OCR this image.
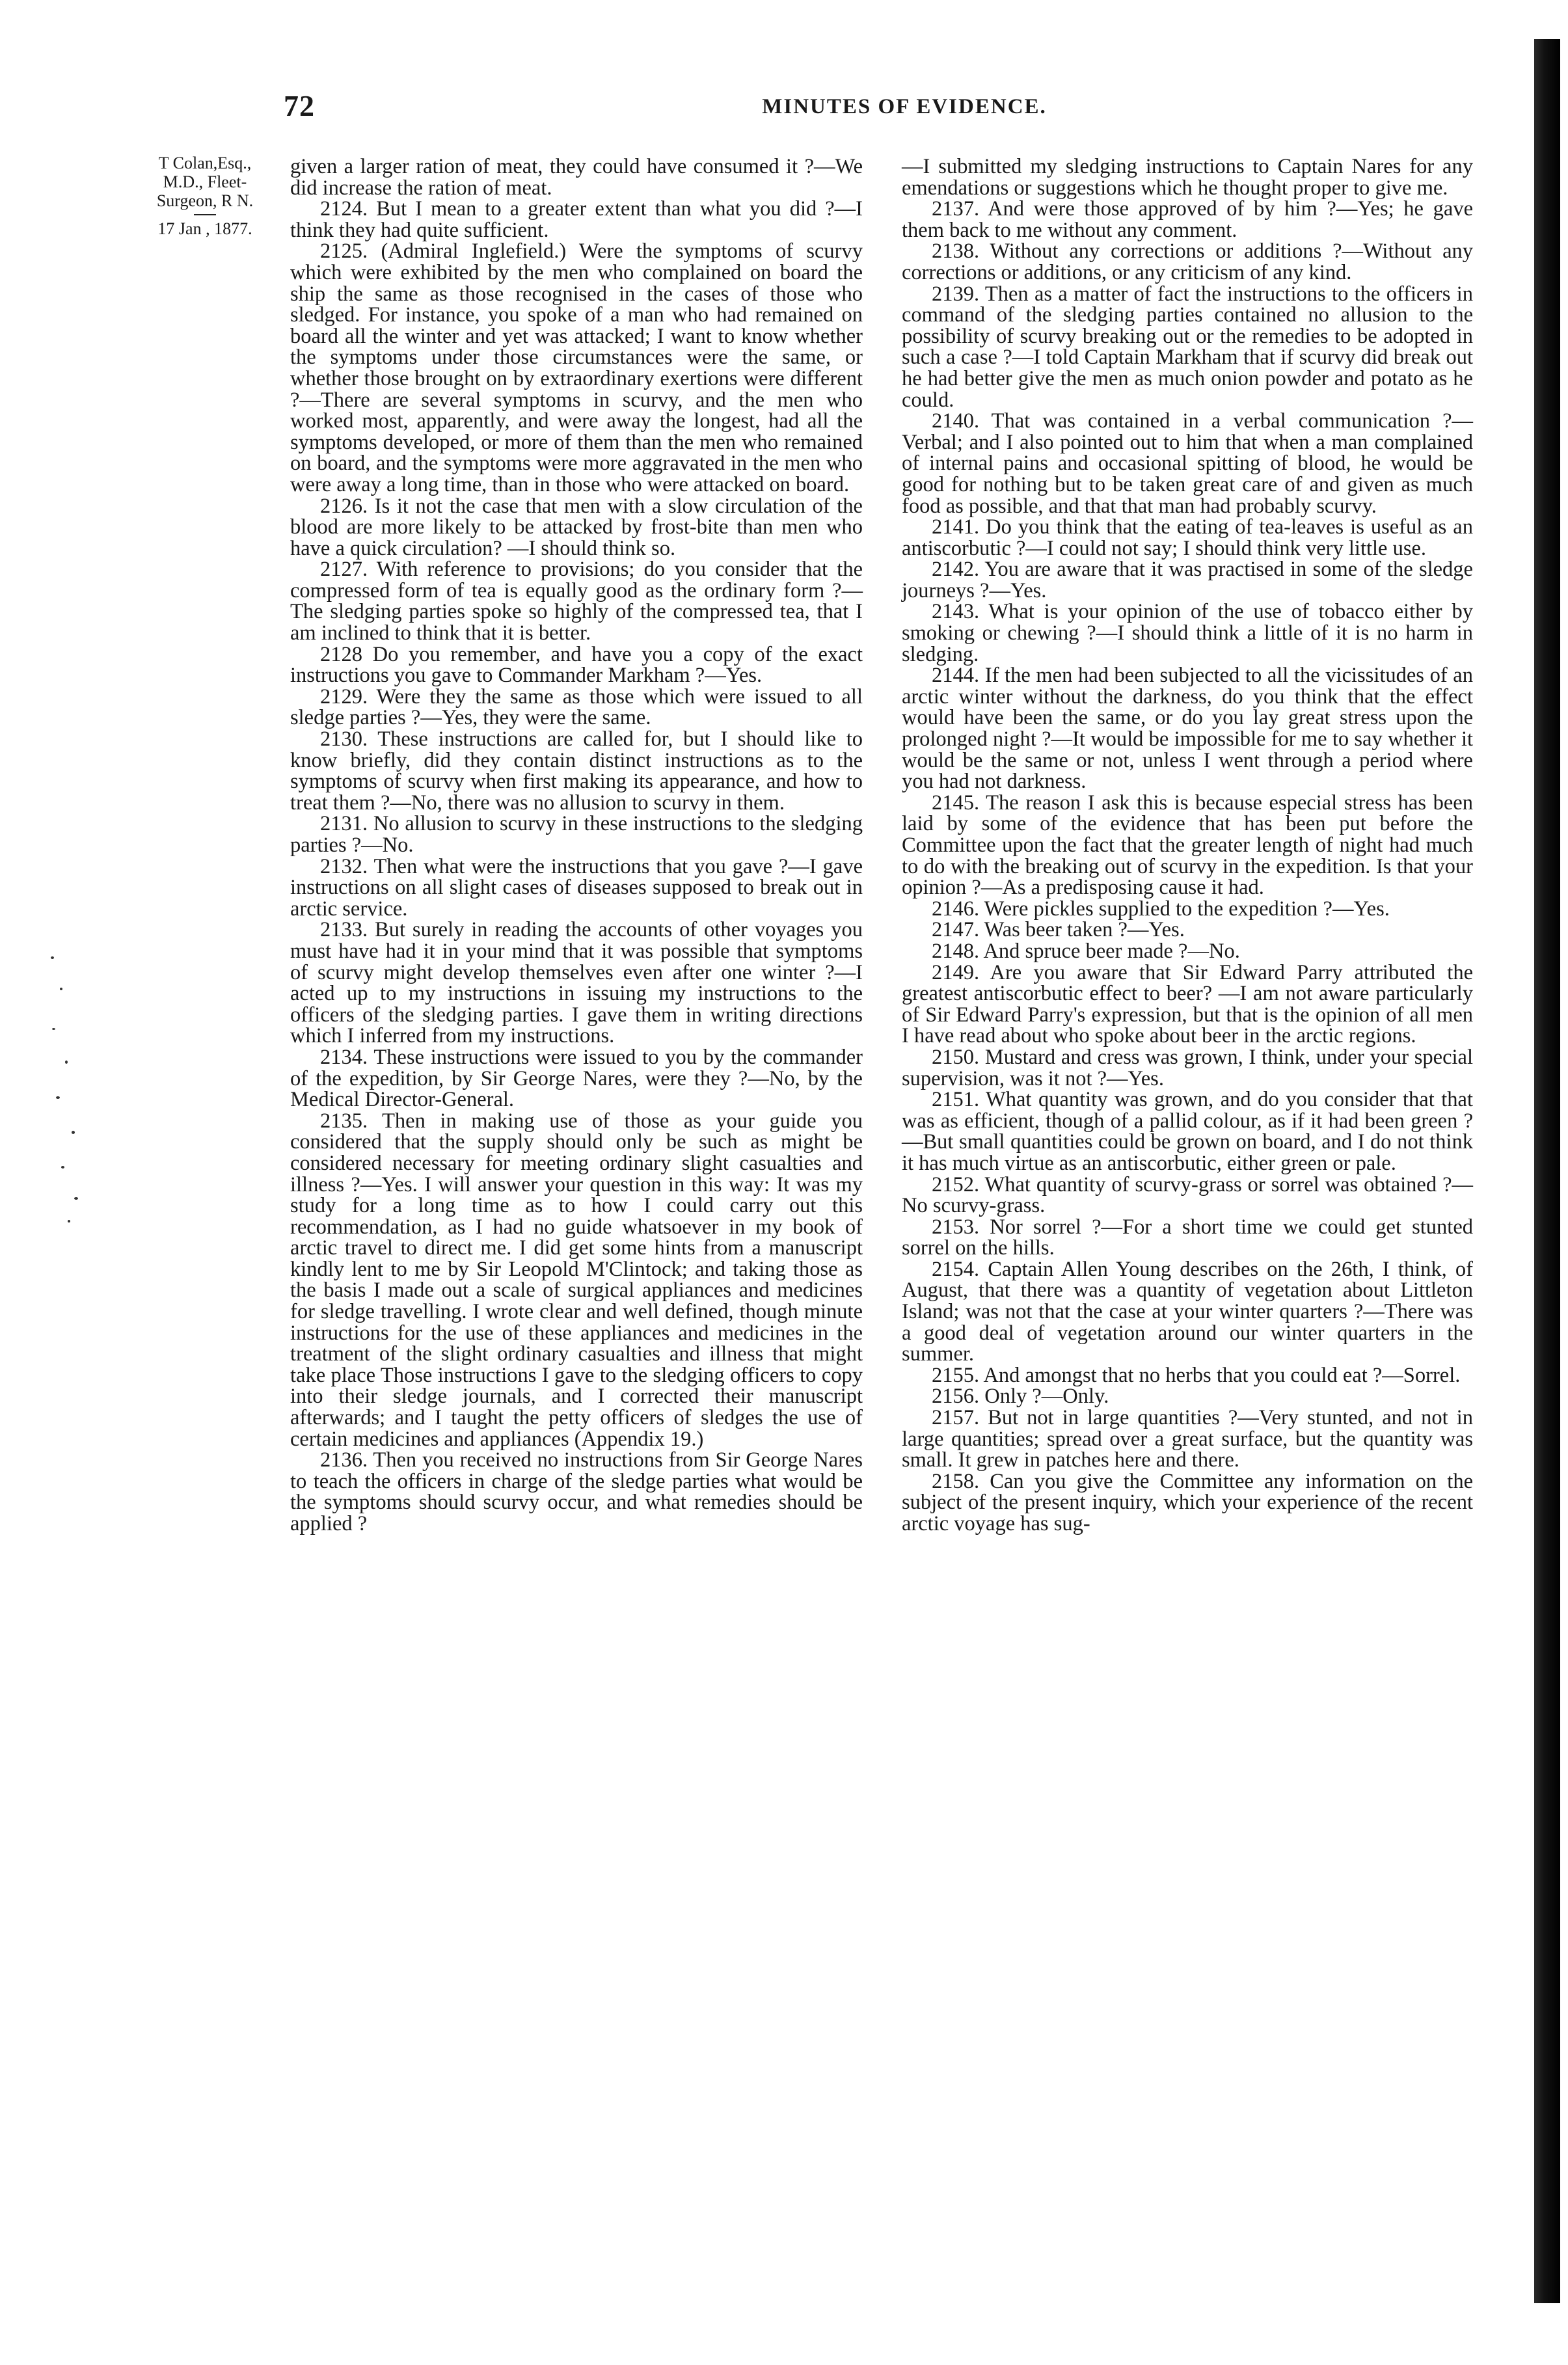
72	MINUTES OF EVIDENCE.
T Colan,Esq.,
M.D., Fleet-
Surgeon, R N.
17 Jan , 1877.

given a larger ration of meat, they could have consumed it ?—We did increase the ration of meat.

2124. But I mean to a greater extent than what you did ?—I think they had quite sufficient.

2125. (Admiral Inglefield.) Were the symptoms of scurvy which were exhibited by the men who complained on board the ship the same as those recognised in the cases of those who sledged. For instance, you spoke of a man who had remained on board all the winter and yet was attacked; I want to know whether the symptoms under those circumstances were the same, or whether those brought on by extraordinary exertions were different ?—There are several symptoms in scurvy, and the men who worked most, apparently, and were away the longest, had all the symptoms developed, or more of them than the men who remained on board, and the symptoms were more aggravated in the men who were away a long time, than in those who were attacked on board.

2126. Is it not the case that men with a slow circulation of the blood are more likely to be attacked by frost-bite than men who have a quick circulation? —I should think so.

2127. With reference to provisions; do you consider that the compressed form of tea is equally good as the ordinary form ?—The sledging parties spoke so highly of the compressed tea, that I am inclined to think that it is better.

2128 Do you remember, and have you a copy of the exact instructions you gave to Commander Markham ?—Yes.

2129. Were they the same as those which were issued to all sledge parties ?—Yes, they were the same.

2130. These instructions are called for, but I should like to know briefly, did they contain distinct instructions as to the symptoms of scurvy when first making its appearance, and how to treat them ?—No, there was no allusion to scurvy in them.

2131. No allusion to scurvy in these instructions to the sledging parties ?—No.

2132. Then what were the instructions that you gave ?—I gave instructions on all slight cases of diseases supposed to break out in arctic service.

2133. But surely in reading the accounts of other voyages you must have had it in your mind that it was possible that symptoms of scurvy might develop themselves even after one winter ?—I acted up to my instructions in issuing my instructions to the officers of the sledging parties. I gave them in writing directions which I inferred from my instructions.

2134. These instructions were issued to you by the commander of the expedition, by Sir George Nares, were they ?—No, by the Medical Director-General.

2135. Then in making use of those as your guide you considered that the supply should only be such as might be considered necessary for meeting ordinary slight casualties and illness ?—Yes. I will answer your question in this way: It was my study for a long time as to how I could carry out this recommendation, as I had no guide whatsoever in my book of arctic travel to direct me. I did get some hints from a manuscript kindly lent to me by Sir Leopold M'Clintock; and taking those as the basis I made out a scale of surgical appliances and medicines for sledge travelling. I wrote clear and well defined, though minute instructions for the use of these appliances and medicines in the treatment of the slight ordinary casualties and illness that might take place Those instructions I gave to the sledging officers to copy into their sledge journals, and I corrected their manuscript afterwards; and I taught the petty officers of sledges the use of certain medicines and appliances (Appendix 19.)

2136. Then you received no instructions from Sir George Nares to teach the officers in charge of the sledge parties what would be the symptoms should scurvy occur, and what remedies should be applied ?

—I submitted my sledging instructions to Captain Nares for any emendations or suggestions which he thought proper to give me.

2137. And were those approved of by him ?—Yes; he gave them back to me without any comment.

2138. Without any corrections or additions ?—Without any corrections or additions, or any criticism of any kind.

2139. Then as a matter of fact the instructions to the officers in command of the sledging parties contained no allusion to the possibility of scurvy breaking out or the remedies to be adopted in such a case ?—I told Captain Markham that if scurvy did break out he had better give the men as much onion powder and potato as he could.

2140. That was contained in a verbal communication ?—Verbal; and I also pointed out to him that when a man complained of internal pains and occasional spitting of blood, he would be good for nothing but to be taken great care of and given as much food as possible, and that that man had probably scurvy.

2141. Do you think that the eating of tea-leaves is useful as an antiscorbutic ?—I could not say; I should think very little use.

2142. You are aware that it was practised in some of the sledge journeys ?—Yes.

2143. What is your opinion of the use of tobacco either by smoking or chewing ?—I should think a little of it is no harm in sledging.

2144. If the men had been subjected to all the vicissitudes of an arctic winter without the darkness, do you think that the effect would have been the same, or do you lay great stress upon the prolonged night ?—It would be impossible for me to say whether it would be the same or not, unless I went through a period where you had not darkness.

2145. The reason I ask this is because especial stress has been laid by some of the evidence that has been put before the Committee upon the fact that the greater length of night had much to do with the breaking out of scurvy in the expedition. Is that your opinion ?—As a predisposing cause it had.

2146. Were pickles supplied to the expedition ?—Yes.

2147. Was beer taken ?—Yes.

2148. And spruce beer made ?—No.

2149. Are you aware that Sir Edward Parry attributed the greatest antiscorbutic effect to beer? —I am not aware particularly of Sir Edward Parry's expression, but that is the opinion of all men I have read about who spoke about beer in the arctic regions.

2150. Mustard and cress was grown, I think, under your special supervision, was it not ?—Yes.

2151. What quantity was grown, and do you consider that that was as efficient, though of a pallid colour, as if it had been green ?—But small quantities could be grown on board, and I do not think it has much virtue as an antiscorbutic, either green or pale.

2152. What quantity of scurvy-grass or sorrel was obtained ?—No scurvy-grass.

2153. Nor sorrel ?—For a short time we could get stunted sorrel on the hills.

2154. Captain Allen Young describes on the 26th, I think, of August, that there was a quantity of vegetation about Littleton Island; was not that the case at your winter quarters ?—There was a good deal of vegetation around our winter quarters in the summer.

2155. And amongst that no herbs that you could eat ?—Sorrel.

2156. Only ?—Only.

2157. But not in large quantities ?—Very stunted, and not in large quantities; spread over a great surface, but the quantity was small. It grew in patches here and there.

2158. Can you give the Committee any information on the subject of the present inquiry, which your experience of the recent arctic voyage has sug-
